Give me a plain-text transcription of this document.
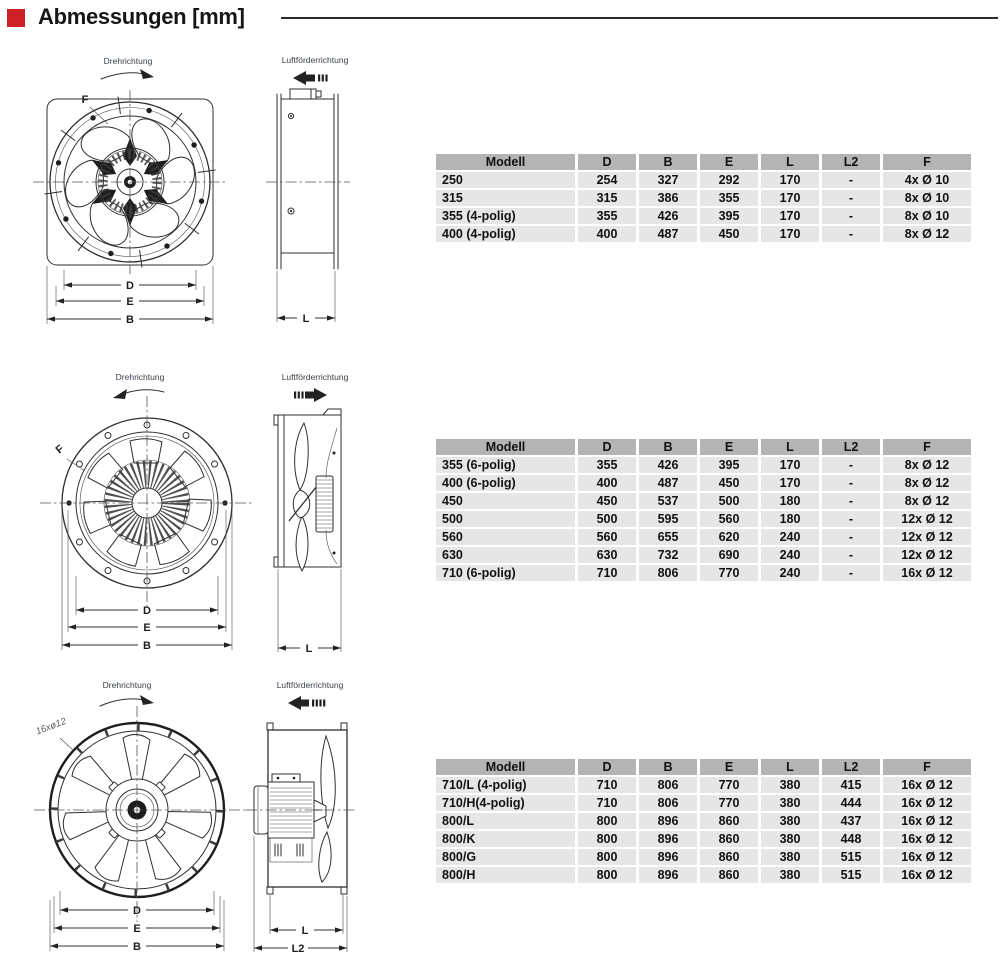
Abmessungen [mm]
Drehrichtung	Luftförderrichtung
F
D
E
B	L
Drehrichtung	Luftförderrichtung
F
D
E
B	L
Drehrichtung	Luftförderrichtung
16xø12
D
E
B
L
L2
Modell	D	B	E	L	L2	F
250	254	327	292	170	-	4x Ø 10
315	315	386	355	170	-	8x Ø 10
355 (4-polig)	355	426	395	170	-	8x Ø 10
400 (4-polig)	400	487	450	170	-	8x Ø 12
Modell	D	B	E	L	L2	F
355 (6-polig)	355	426	395	170	-	8x Ø 12
400 (6-polig)	400	487	450	170	-	8x Ø 12
450	450	537	500	180	-	8x Ø 12
500	500	595	560	180	-	12x Ø 12
560	560	655	620	240	-	12x Ø 12
630	630	732	690	240	-	12x Ø 12
710 (6-polig)	710	806	770	240	-	16x Ø 12
Modell	D	B	E	L	L2	F
710/L (4-polig)	710	806	770	380	415	16x Ø 12
710/H(4-polig)	710	806	770	380	444	16x Ø 12
800/L	800	896	860	380	437	16x Ø 12
800/K	800	896	860	380	448	16x Ø 12
800/G	800	896	860	380	515	16x Ø 12
800/H	800	896	860	380	515	16x Ø 12
